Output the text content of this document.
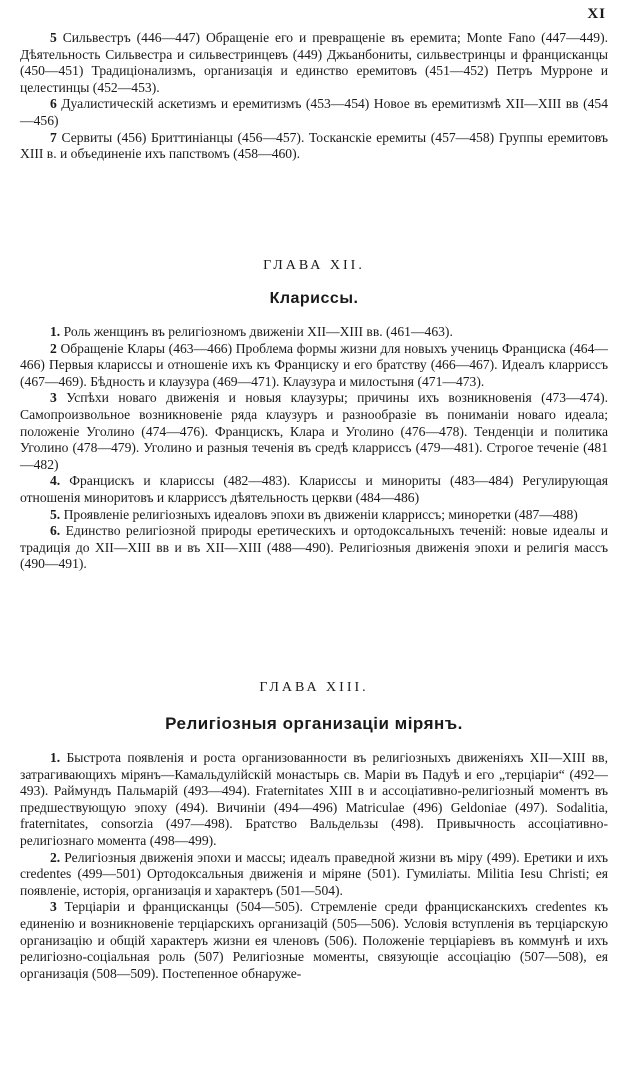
XI

5 Сильвестръ (446—447) Обращеніе его и превращеніе въ еремита; Monte Fano (447—449). Дѣятельность Сильвестра и сильвестринцевъ (449) Джьанбониты, сильвестринцы и францисканцы (450—451) Традиціонализмъ, организація и единство еремитовъ (451—452) Петръ Мурроне и целестинцы (452—453).

6 Дуалистическій аскетизмъ и еремитизмъ (453—454) Новое въ еремитизмѣ XII—XIII вв (454—456)

7 Сервиты (456) Бриттиніанцы (456—457). Тосканскіе еремиты (457—458) Группы еремитовъ XIII в. и объединеніе ихъ папствомъ (458—460).

ГЛАВА XII.
Клариссы.

1. Роль женщинъ въ религіозномъ движеніи XII—XIII вв. (461—463).

2 Обращеніе Клары (463—466) Проблема формы жизни для новыхъ учениць Франциска (464—466) Первыя клариссы и отношеніе ихъ къ Франциску и его братству (466—467). Идеалъ кларриссъ (467—469). Бѣдность и клаузура (469—471). Клаузура и милостыня (471—473).

3 Успѣхи новаго движенія и новыя клаузуры; причины ихъ возникновенія (473—474). Самопроизвольное возникновеніе ряда клаузуръ и разнообразіе въ пониманіи новаго идеала; положеніе Уголино (474—476). Францискъ, Клара и Уголино (476—478). Тенденціи и политика Уголино (478—479). Уголино и разныя теченія въ средѣ кларриссъ (479—481). Строгое теченіе (481—482)

4. Францискъ и клариссы (482—483). Клариссы и минориты (483—484) Регулирующая отношенія миноритовъ и кларриссъ дѣятельность церкви (484—486)

5. Проявленіе религіозныхъ идеаловъ эпохи въ движеніи кларриссъ; миноретки (487—488)

6. Единство религіозной природы еретическихъ и ортодоксальныхъ теченій: новые идеалы и традиція до XII—XIII вв и въ XII—XIII (488—490). Религіозныя движенія эпохи и религія массъ (490—491).

ГЛАВА XIII.
Религіозныя организаціи мірянъ.

1. Быстрота появленія и роста организованности въ религіозныхъ движеніяхъ XII—XIII вв, затрагивающихъ мірянъ—Камальдулійскій монастырь св. Маріи въ Падуѣ и его „терціаріи“ (492—493). Раймундъ Пальмарій (493—494). Fraternitates XIII в и ассоціативно-религіозный моментъ въ предшествующую эпоху (494). Вичиніи (494—496) Matriculae (496) Geldoniae (497). Sodalitia, fraternitates, consorzia (497—498). Братство Вальдельзы (498). Привычность ассоціативно-религіознаго момента (498—499).

2. Религіозныя движенія эпохи и массы; идеалъ праведной жизни въ міру (499). Еретики и ихъ credentes (499—501) Ортодоксальныя движенія и міряне (501). Гумиліаты. Militia Iesu Christi; ея появленіе, исторія, организація и характеръ (501—504).

3 Терціаріи и францисканцы (504—505). Стремленіе среди францисканскихъ credentes къ единенію и возникновеніе терціарскихъ организацій (505—506). Условія вступленія въ терціарскую организацію и общій характеръ жизни ея членовъ (506). Положеніе терціаріевъ въ коммунѣ и ихъ религіозно-соціальная роль (507) Религіозные моменты, связующіе ассоціацію (507—508), ея организація (508—509). Постепенное обнаруже-
